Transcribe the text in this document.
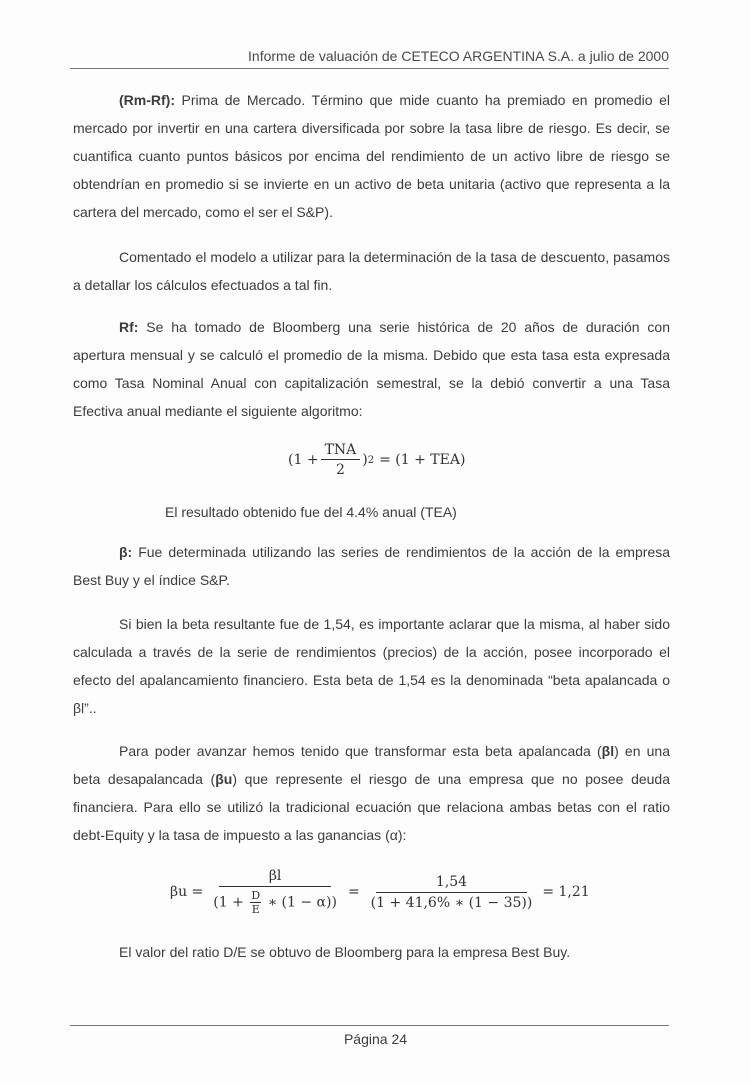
Informe de valuación de CETECO ARGENTINA S.A. a julio de 2000

(Rm-Rf): Prima de Mercado. Término que mide cuanto ha premiado en promedio el mercado por invertir en una cartera diversificada por sobre la tasa libre de riesgo. Es decir, se cuantifica cuanto puntos básicos por encima del rendimiento de un activo libre de riesgo se obtendrían en promedio si se invierte en un activo de beta unitaria (activo que representa a la cartera del mercado, como el ser el S&P).

Comentado el modelo a utilizar para la determinación de la tasa de descuento, pasamos a detallar los cálculos efectuados a tal fin.

Rf: Se ha tomado de Bloomberg una serie histórica de 20 años de duración con apertura mensual y se calculó el promedio de la misma. Debido que esta tasa esta expresada como Tasa Nominal Anual con capitalización semestral, se la debió convertir a una Tasa Efectiva anual mediante el siguiente algoritmo:

($1 + \frac{\text{TNA}}{2}$ ) 2 = (1 + TEA)
El resultado obtenido fue del 4.4% anual (TEA)

β: Fue determinada utilizando las series de rendimientos de la acción de la empresa Best Buy y el índice S&P.

Si bien la beta resultante fue de 1,54, es importante aclarar que la misma, al haber sido calculada a través de la serie de rendimientos (precios) de la acción, posee incorporado el efecto del apalancamiento financiero. Esta beta de 1,54 es la denominada “beta apalancada o βl”..

Para poder avanzar hemos tenido que transformar esta beta apalancada (βl) en una beta desapalancada (βu) que represente el riesgo de una empresa que no posee deuda financiera. Para ello se utilizó la tradicional ecuación que relaciona ambas betas con el ratio debt-Equity y la tasa de impuesto a las ganancias (α):

βu =
βl
($1 + \frac{D}{E}$ ∗ (1 − α))
= $\frac{1,54}{(1 + 41,6\% ∗ (1 - 35))} = 1,21$

El valor del ratio D/E se obtuvo de Bloomberg para la empresa Best Buy.

Página 24
